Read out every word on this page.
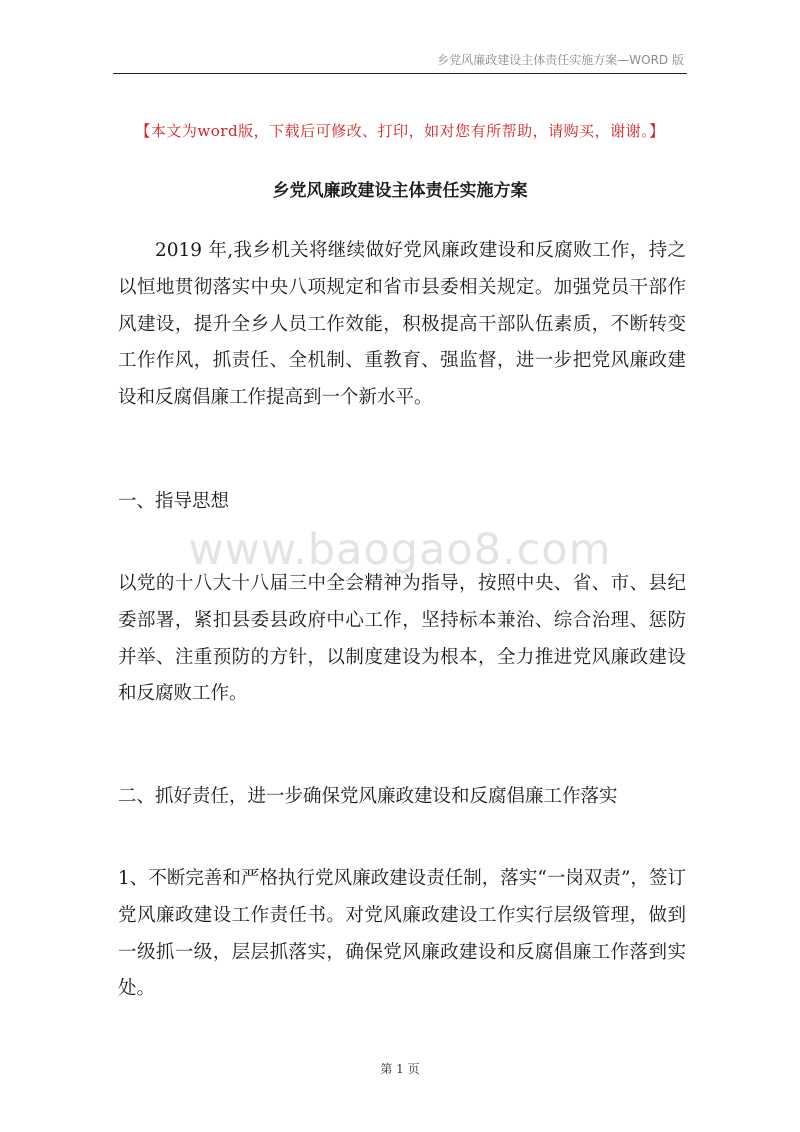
乡党风廉政建设主体责任实施方案—WORD 版
【本文为word版，下载后可修改、打印，如对您有所帮助，请购买，谢谢。】
乡党风廉政建设主体责任实施方案

2019 年,我乡机关将继续做好党风廉政建设和反腐败工作，持之以恒地贯彻落实中央八项规定和省市县委相关规定。加强党员干部作风建设，提升全乡人员工作效能，积极提高干部队伍素质，不断转变工作作风，抓责任、全机制、重教育、强监督，进一步把党风廉政建设和反腐倡廉工作提高到一个新水平。

一、指导思想

www.baogao8.com

以党的十八大十八届三中全会精神为指导，按照中央、省、市、县纪委部署，紧扣县委县政府中心工作，坚持标本兼治、综合治理、惩防并举、注重预防的方针，以制度建设为根本，全力推进党风廉政建设和反腐败工作。

二、抓好责任，进一步确保党风廉政建设和反腐倡廉工作落实

1、不断完善和严格执行党风廉政建设责任制，落实“一岗双责”，签订党风廉政建设工作责任书。对党风廉政建设工作实行层级管理，做到一级抓一级，层层抓落实，确保党风廉政建设和反腐倡廉工作落到实处。

第 1 页
